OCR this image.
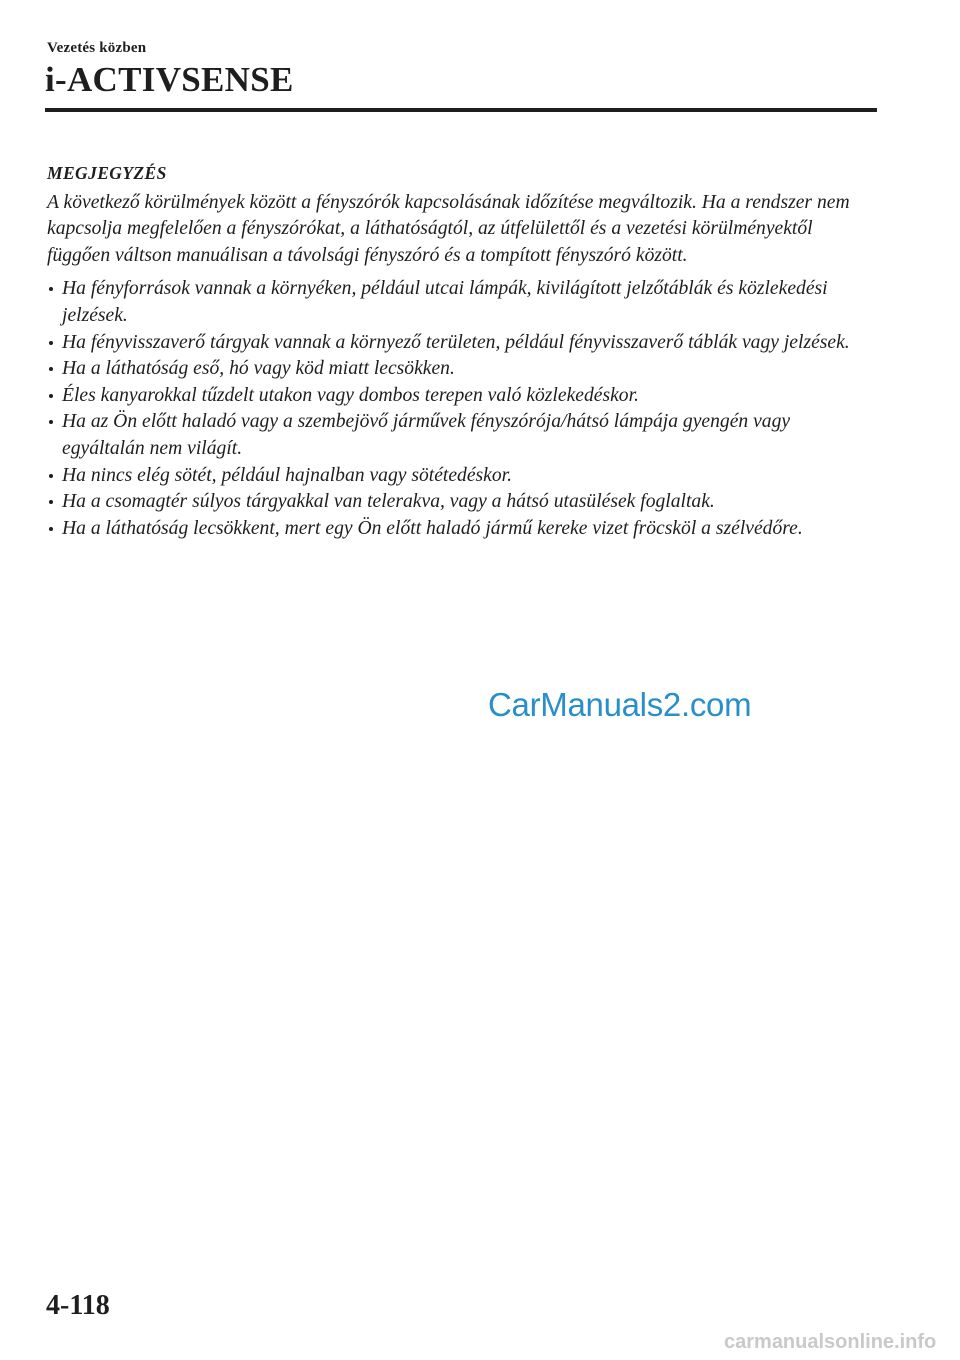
Vezetés közben
i-ACTIVSENSE
MEGJEGYZÉS
A következő körülmények között a fényszórók kapcsolásának időzítése megváltozik. Ha a rendszer nem kapcsolja megfelelően a fényszórókat, a láthatóságtól, az útfelülettől és a vezetési körülményektől függően váltson manuálisan a távolsági fényszóró és a tompított fényszóró között.
Ha fényforrások vannak a környéken, például utcai lámpák, kivilágított jelzőtáblák és közlekedési jelzések.
Ha fényvisszaverő tárgyak vannak a környező területen, például fényvisszaverő táblák vagy jelzések.
Ha a láthatóság eső, hó vagy köd miatt lecsökken.
Éles kanyarokkal tűzdelt utakon vagy dombos terepen való közlekedéskor.
Ha az Ön előtt haladó vagy a szembejövő járművek fényszórója/hátsó lámpája gyengén vagy egyáltalán nem világít.
Ha nincs elég sötét, például hajnalban vagy sötétedéskor.
Ha a csomagtér súlyos tárgyakkal van telerakva, vagy a hátsó utasülések foglaltak.
Ha a láthatóság lecsökkent, mert egy Ön előtt haladó jármű kereke vizet fröcsköl a szélvédőre.
CarManuals2.com
4-118
carmanualsonline.info
